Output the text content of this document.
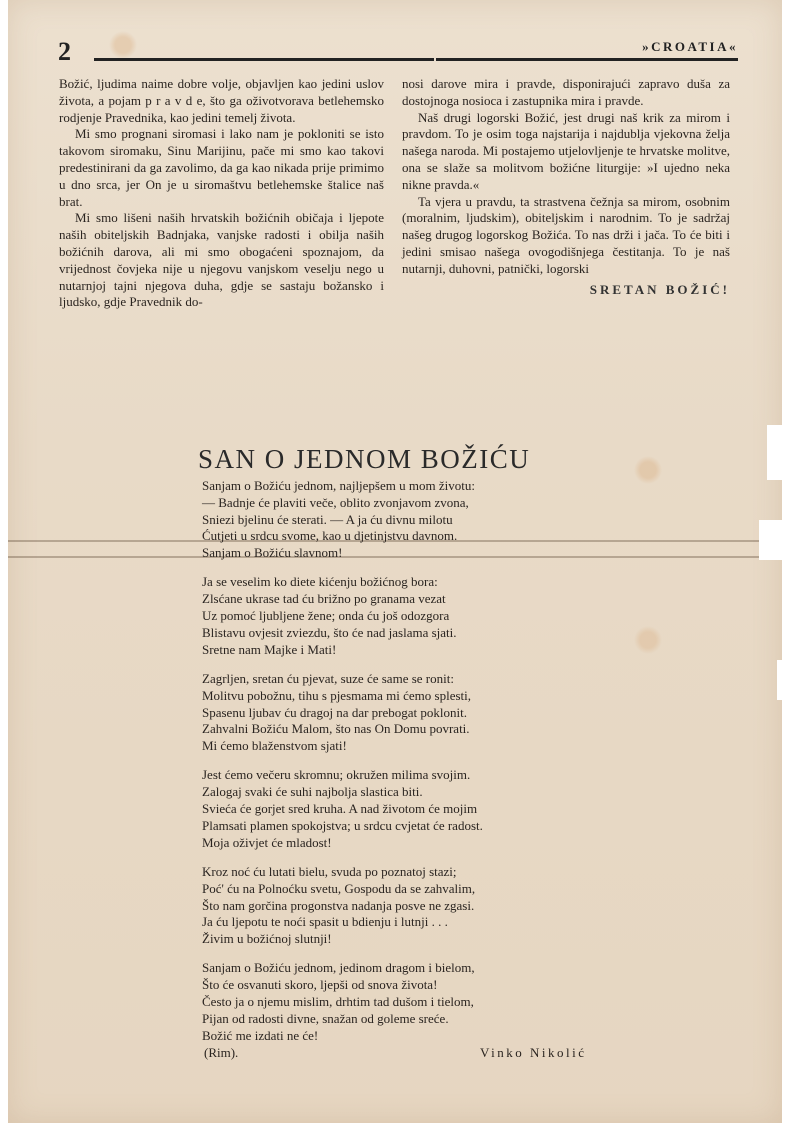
2	»CROATIA«

Božić, ljudima naime dobre volje, objavljen kao jedini uslov života, a pojam p r a v d e, što ga oživotvorava betlehemsko rodjenje Pravednika, kao jedini temelj života.

Mi smo prognani siromasi i lako nam je pokloniti se isto takovom siromaku, Sinu Marijinu, pače mi smo kao takovi predestinirani da ga zavolimo, da ga kao nikada prije primimo u dno srca, jer On je u siromaštvu betlehemske štalice naš brat.

Mi smo lišeni naših hrvatskih božićnih običaja i ljepote naših obiteljskih Badnjaka, vanjske radosti i obilja naših božićnih darova, ali mi smo obogaćeni spoznajom, da vrijednost čovjeka nije u njegovu vanjskom veselju nego u nutarnjoj tajni njegova duha, gdje se sastaju božansko i ljudsko, gdje Pravednik do-

nosi darove mira i pravde, disponirajući zapravo duša za dostojnoga nosioca i zastupnika mira i pravde.

Naš drugi logorski Božić, jest drugi naš krik za mirom i pravdom. To je osim toga najstarija i najdublja vjekovna želja našega naroda. Mi postajemo utjelovljenje te hrvatske molitve, ona se slaže sa molitvom božićne liturgije: »I ujedno neka nikne pravda.«

Ta vjera u pravdu, ta strastvena čežnja sa mirom, osobnim (moralnim, ljudskim), obiteljskim i narodnim. To je sadržaj našeg drugog logorskog Božića. To nas drži i jača. To će biti i jedini smisao našega ovogodišnjega čestitanja. To je naš nutarnji, duhovni, patnički, logorski

SRETAN BOŽIĆ!

SAN O JEDNOM BOŽIĆU
Sanjam o Božiću jednom, najljepšem u mom životu:
— Badnje će plaviti veče, oblito zvonjavom zvona,
Sniezi bjelinu će sterati. — A ja ću divnu milotu
Ćutjeti u srdcu svome, kao u djetinjstvu davnom.
Sanjam o Božiću slavnom!
Ja se veselim ko diete kićenju božićnog bora:
Zlsćane ukrase tad ću brižno po granama vezat
Uz pomoć ljubljene žene; onda ću još odozgora
Blistavu ovjesit zviezdu, što će nad jaslama sjati.
Sretne nam Majke i Mati!
Zagrljen, sretan ću pjevat, suze će same se ronit:
Molitvu pobožnu, tihu s pjesmama mi ćemo splesti,
Spasenu ljubav ću dragoj na dar prebogat poklonit.
Zahvalni Božiću Malom, što nas On Domu povrati.
Mi ćemo blaženstvom sjati!
Jest ćemo večeru skromnu; okružen milima svojim.
Zalogaj svaki će suhi najbolja slastica biti.
Svieća će gorjet sred kruha. A nad životom će mojim
Plamsati plamen spokojstva; u srdcu cvjetat će radost.
Moja oživjet će mladost!
Kroz noć ću lutati bielu, svuda po poznatoj stazi;
Poć' ću na Polnoćku svetu, Gospodu da se zahvalim,
Što nam gorčina progonstva nadanja posve ne zgasi.
Ja ću ljepotu te noći spasit u bdienju i lutnji . . .
Živim u božićnoj slutnji!
Sanjam o Božiću jednom, jedinom dragom i bielom,
Što će osvanuti skoro, ljepši od snova života!
Često ja o njemu mislim, drhtim tad dušom i tielom,
Pijan od radosti divne, snažan od goleme sreće.
Božić me izdati ne će!
(Rim).	Vinko Nikolić
